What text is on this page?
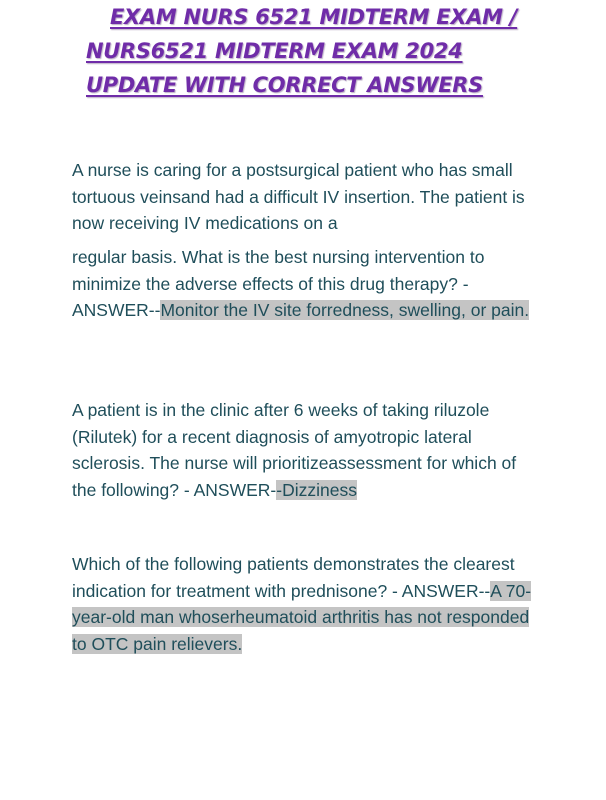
EXAM NURS 6521 MIDTERM EXAM /
NURS6521 MIDTERM EXAM 2024
UPDATE WITH CORRECT ANSWERS

A nurse is caring for a postsurgical patient who has small tortuous veinsand had a difficult IV insertion. The patient is now receiving IV medications on a

regular basis. What is the best nursing intervention to minimize the adverse effects of this drug therapy? - ANSWER--Monitor the IV site forredness, swelling, or pain.

A patient is in the clinic after 6 weeks of taking riluzole (Rilutek) for a recent diagnosis of amyotropic lateral sclerosis. The nurse will prioritizeassessment for which of the following? - ANSWER--Dizziness

Which of the following patients demonstrates the clearest indication for treatment with prednisone? - ANSWER--A 70-year-old man whoserheumatoid arthritis has not responded to OTC pain relievers.
